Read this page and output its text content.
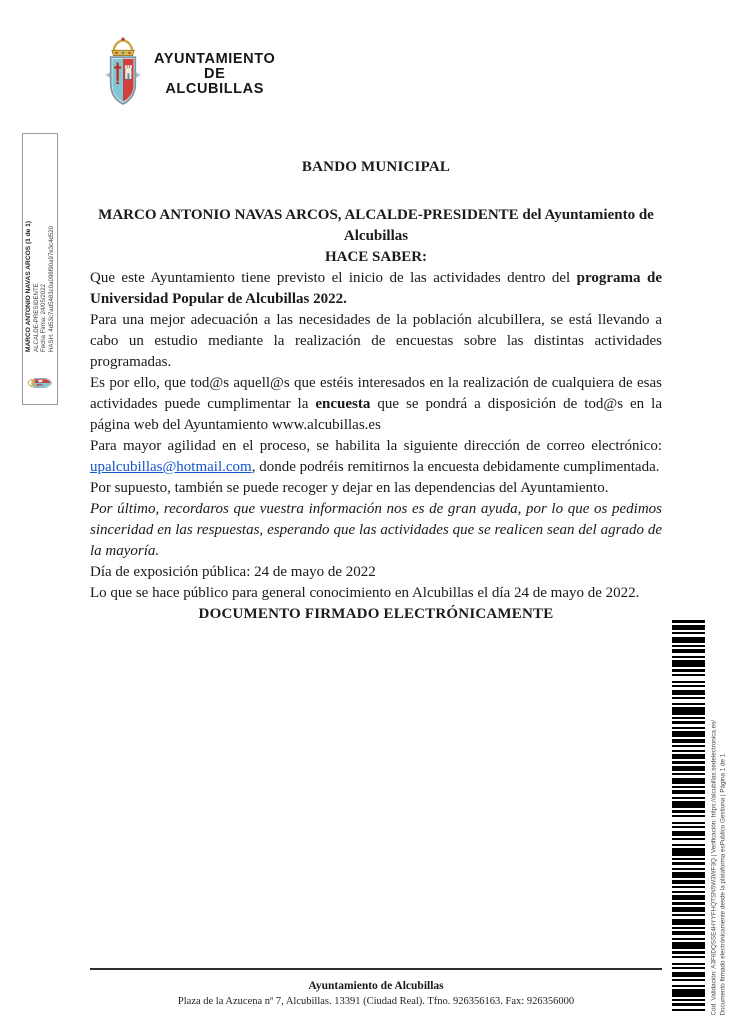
AYUNTAMIENTO
DE
ALCUBILLAS
MARCO ANTONIO NAVAS ARCOS (1 de 1) ALCALDE-PRESIDENTE Fecha Firma: 24/05/2022 HASH: 4d53c7ad5483c0a098f90a97e3c4d520
BANDO MUNICIPAL
MARCO ANTONIO NAVAS ARCOS, ALCALDE-PRESIDENTE del Ayuntamiento de Alcubillas
HACE SABER:

Que este Ayuntamiento tiene previsto el inicio de las actividades dentro del programa de Universidad Popular de Alcubillas 2022.

Para una mejor adecuación a las necesidades de la población alcubillera, se está llevando a cabo un estudio mediante la realización de encuestas sobre las distintas actividades programadas.

Es por ello, que tod@s aquell@s que estéis interesados en la realización de cualquiera de esas actividades puede cumplimentar la encuesta que se pondrá a disposición de tod@s en la página web del Ayuntamiento www.alcubillas.es

Para mayor agilidad en el proceso, se habilita la siguiente dirección de correo electrónico: upalcubillas@hotmail.com, donde podréis remitirnos la encuesta debidamente cumplimentada.

Por supuesto, también se puede recoger y dejar en las dependencias del Ayuntamiento.

Por último, recordaros que vuestra información nos es de gran ayuda, por lo que os pedimos sinceridad en las respuestas, esperando que las actividades que se realicen sean del agrado de la mayoría.

Día de exposición pública: 24 de mayo de 2022

Lo que se hace público para general conocimiento en Alcubillas el día 24 de mayo de 2022.

DOCUMENTO FIRMADO ELECTRÓNICAMENTE

Ayuntamiento de Alcubillas
Plaza de la Azucena nº 7, Alcubillas. 13391 (Ciudad Real). Tfno. 926356163. Fax: 926356000	Cód. Validación: A3F6DQSSE4HYYFHQTSN5W3WF3Q | Verificación: https://alcubillas.sedelectronica.es/ Documento firmado electrónicamente desde la plataforma esPublico Gestiona | Página 1 de 1
